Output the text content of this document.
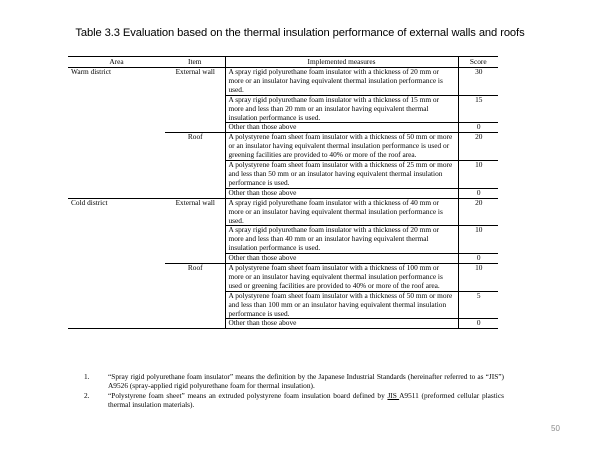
Table 3.3 Evaluation based on the thermal insulation performance of external walls and roofs
Area	Item	Implemented measures	Score
Warm district	External wall	A spray rigid polyurethane foam insulator with a thickness of 20 mm or more or an insulator having equivalent thermal insulation performance is used.	30
		A spray rigid polyurethane foam insulator with a thickness of 15 mm or more and less than 20 mm or an insulator having equivalent thermal insulation performance is used.	15
		Other than those above	0
	Roof	A polystyrene foam sheet foam insulator with a thickness of 50 mm or more or an insulator having equivalent thermal insulation performance is used or greening facilities are provided to 40% or more of the roof area.	20
		A polystyrene foam sheet foam insulator with a thickness of 25 mm or more and less than 50 mm or an insulator having equivalent thermal insulation performance is used.	10
		Other than those above	0
Cold district	External wall	A spray rigid polyurethane foam insulator with a thickness of 40 mm or more or an insulator having equivalent thermal insulation performance is used.	20
		A spray rigid polyurethane foam insulator with a thickness of 20 mm or more and less than 40 mm or an insulator having equivalent thermal insulation performance is used.	10
		Other than those above	0
	Roof	A polystyrene foam sheet foam insulator with a thickness of 100 mm or more or an insulator having equivalent thermal insulation performance is used or greening facilities are provided to 40% or more of the roof area.	10
		A polystyrene foam sheet foam insulator with a thickness of 50 mm or more and less than 100 mm or an insulator having equivalent thermal insulation performance is used.	5
		Other than those above	0
1.	“Spray rigid polyurethane foam insulator” means the definition by the Japanese Industrial Standards (hereinafter referred to as “JIS”) A9526 (spray-applied rigid polyurethane foam for thermal insulation).
2.	“Polystyrene foam sheet” means an extruded polystyrene foam insulation board defined by JIS A9511 (preformed cellular plastics thermal insulation materials).
50
